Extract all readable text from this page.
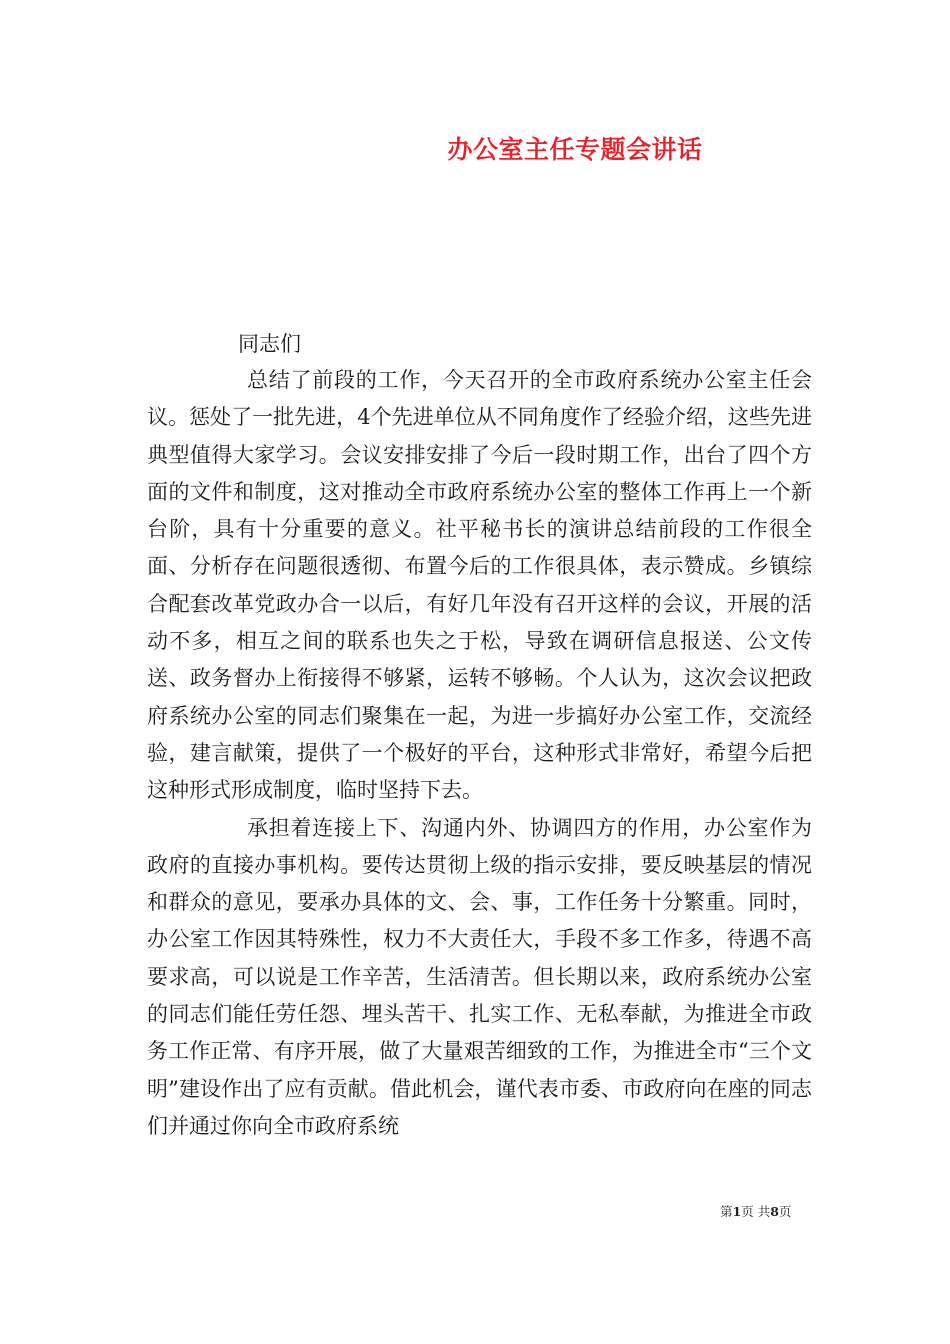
办公室主任专题会讲话
同志们

总结了前段的工作，今天召开的全市政府系统办公室主任会议。惩处了一批先进，4个先进单位从不同角度作了经验介绍，这些先进典型值得大家学习。会议安排安排了今后一段时期工作，出台了四个方面的文件和制度，这对推动全市政府系统办公室的整体工作再上一个新台阶，具有十分重要的意义。社平秘书长的演讲总结前段的工作很全面、分析存在问题很透彻、布置今后的工作很具体，表示赞成。乡镇综合配套改革党政办合一以后，有好几年没有召开这样的会议，开展的活动不多，相互之间的联系也失之于松，导致在调研信息报送、公文传送、政务督办上衔接得不够紧，运转不够畅。个人认为，这次会议把政府系统办公室的同志们聚集在一起，为进一步搞好办公室工作，交流经验，建言献策，提供了一个极好的平台，这种形式非常好，希望今后把这种形式形成制度，临时坚持下去。

承担着连接上下、沟通内外、协调四方的作用，办公室作为政府的直接办事机构。要传达贯彻上级的指示安排，要反映基层的情况和群众的意见，要承办具体的文、会、事，工作任务十分繁重。同时，办公室工作因其特殊性，权力不大责任大，手段不多工作多，待遇不高要求高，可以说是工作辛苦，生活清苦。但长期以来，政府系统办公室的同志们能任劳任怨、埋头苦干、扎实工作、无私奉献，为推进全市政务工作正常、有序开展，做了大量艰苦细致的工作，为推进全市“三个文明”建设作出了应有贡献。借此机会，谨代表市委、市政府向在座的同志们并通过你向全市政府系统

第1页 共8页
